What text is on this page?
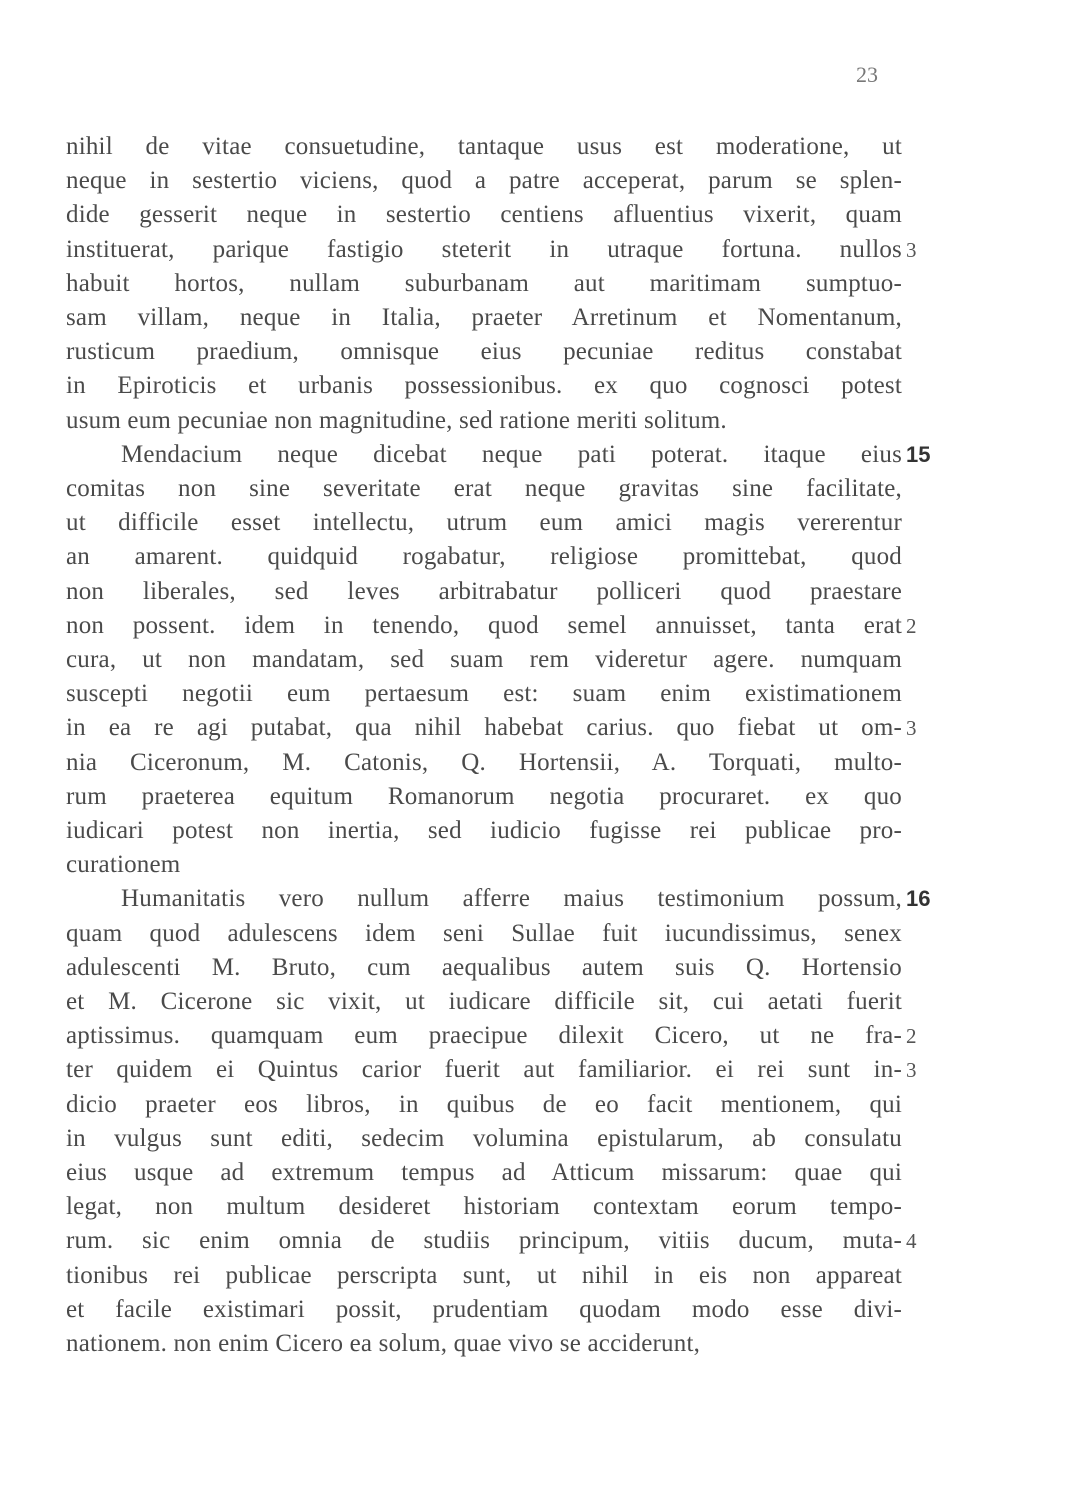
23
nihil de vitae consuetudine, tantaque usus est moderatione, ut
neque in sestertio viciens, quod a patre acceperat, parum se splen-
dide gesserit neque in sestertio centiens afluentius vixerit, quam
instituerat, parique fastigio steterit in utraque fortuna. nullos
habuit hortos, nullam suburbanam aut maritimam sumptuo-
sam villam, neque in Italia, praeter Arretinum et Nomentanum,
rusticum praedium, omnisque eius pecuniae reditus constabat
in Epiroticis et urbanis possessionibus. ex quo cognosci potest
usum eum pecuniae non magnitudine, sed ratione meriti solitum.
Mendacium neque dicebat neque pati poterat. itaque eius
comitas non sine severitate erat neque gravitas sine facilitate,
ut difficile esset intellectu, utrum eum amici magis vererentur
an amarent. quidquid rogabatur, religiose promittebat, quod
non liberales, sed leves arbitrabatur polliceri quod praestare
non possent. idem in tenendo, quod semel annuisset, tanta erat
cura, ut non mandatam, sed suam rem videretur agere. numquam
suscepti negotii eum pertaesum est: suam enim existimationem
in ea re agi putabat, qua nihil habebat carius. quo fiebat ut om-
nia Ciceronum, M. Catonis, Q. Hortensii, A. Torquati, multo-
rum praeterea equitum Romanorum negotia procuraret. ex quo
iudicari potest non inertia, sed iudicio fugisse rei publicae pro-
curationem
Humanitatis vero nullum afferre maius testimonium possum,
quam quod adulescens idem seni Sullae fuit iucundissimus, senex
adulescenti M. Bruto, cum aequalibus autem suis Q. Hortensio
et M. Cicerone sic vixit, ut iudicare difficile sit, cui aetati fuerit
aptissimus. quamquam eum praecipue dilexit Cicero, ut ne fra-
ter quidem ei Quintus carior fuerit aut familiarior. ei rei sunt in-
dicio praeter eos libros, in quibus de eo facit mentionem, qui
in vulgus sunt editi, sedecim volumina epistularum, ab consulatu
eius usque ad extremum tempus ad Atticum missarum: quae qui
legat, non multum desideret historiam contextam eorum tempo-
rum. sic enim omnia de studiis principum, vitiis ducum, muta-
tionibus rei publicae perscripta sunt, ut nihil in eis non appareat
et facile existimari possit, prudentiam quodam modo esse divi-
nationem. non enim Cicero ea solum, quae vivo se acciderunt,
3
15
2
3
16
2
3
4
